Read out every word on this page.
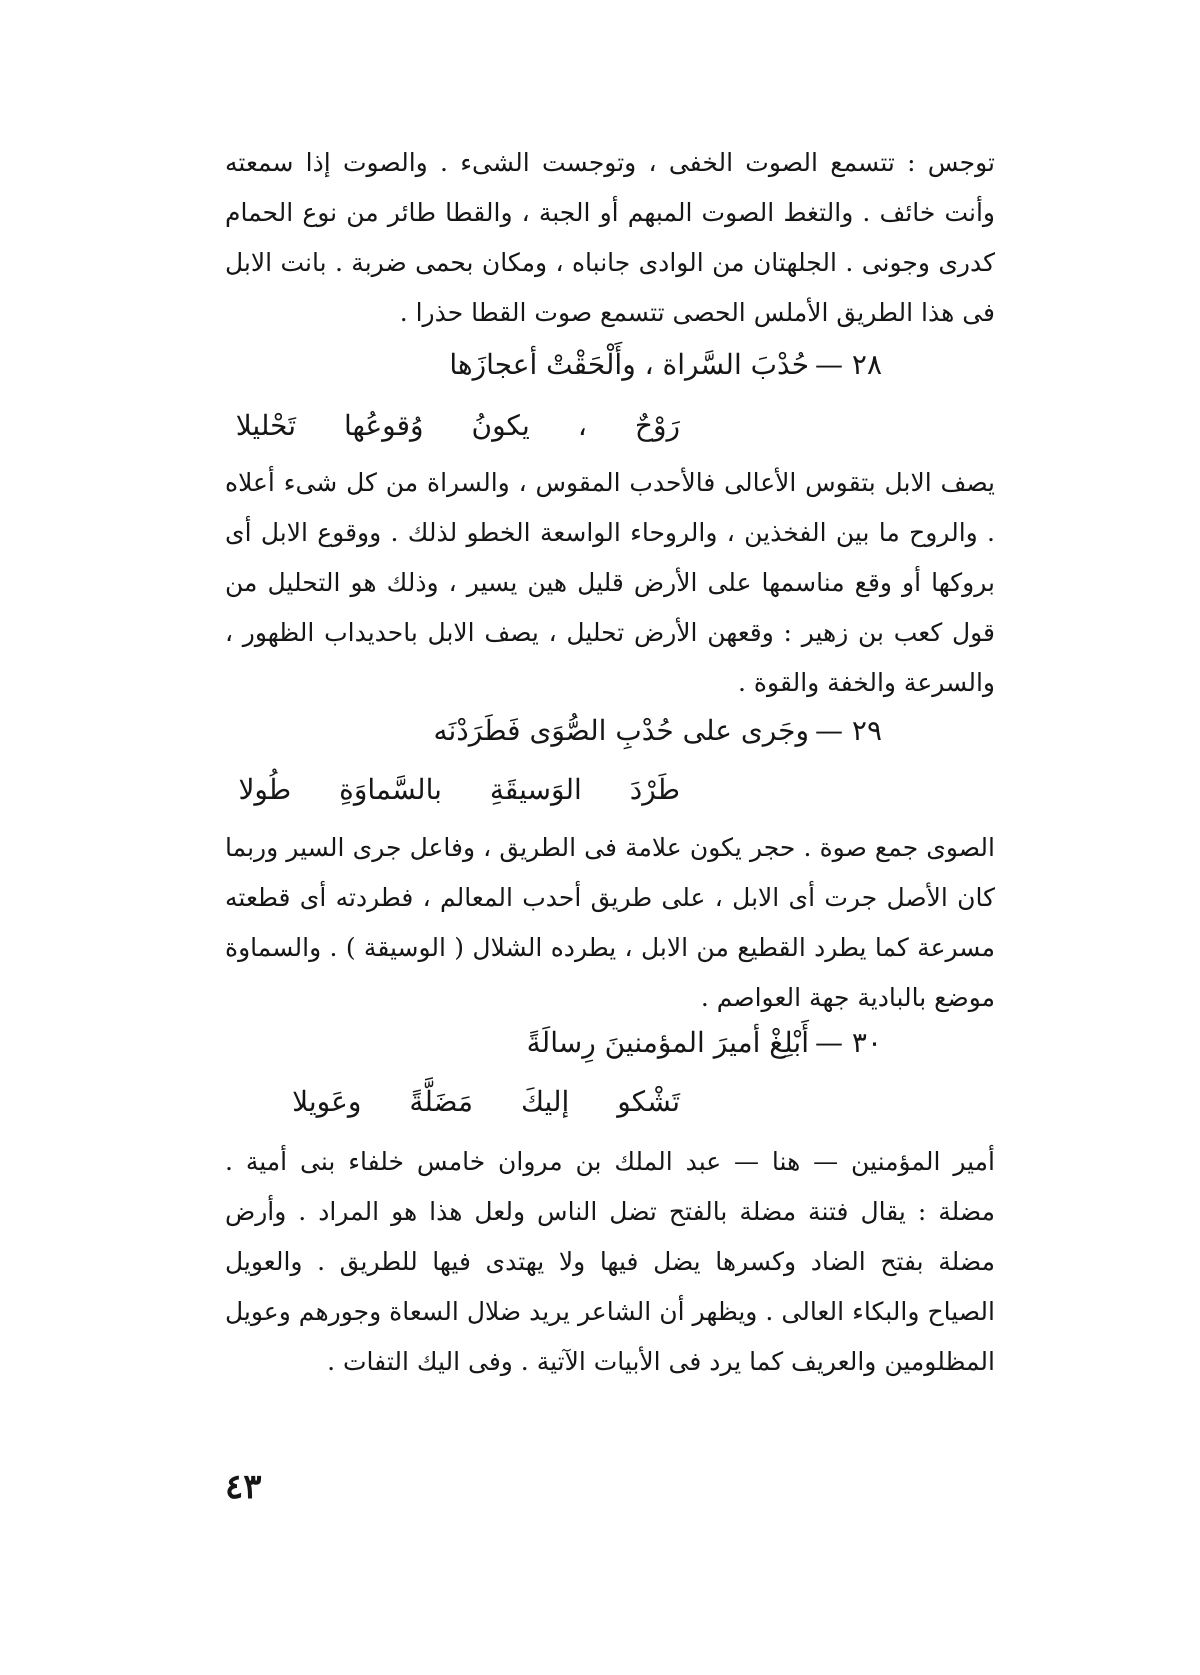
توجس : تتسمع الصوت الخفى ، وتوجست الشىء . والصوت إذا سمعته وأنت خائف . والتغط الصوت المبهم أو الجبة ، والقطا طائر من نوع الحمام كدرى وجونى . الجلهتان من الوادى جانباه ، ومكان بحمى ضربة . بانت الابل فى هذا الطريق الأملس الحصى تتسمع صوت القطا حذرا .
٢٨ —حُدْبَ السَّراة ، وأَلْحَقْتْ أعجازَها
رَوْحٌ،يكونُوُقوعُهاتَحْليلا
يصف الابل بتقوس الأعالى فالأحدب المقوس ، والسراة من كل شىء أعلاه . والروح ما بين الفخذين ، والروحاء الواسعة الخطو لذلك . ووقوع الابل أى بروكها أو وقع مناسمها على الأرض قليل هين يسير ، وذلك هو التحليل من قول كعب بن زهير : وقعهن الأرض تحليل ، يصف الابل باحديداب الظهور ، والسرعة والخفة والقوة .
٢٩ —وجَرى على حُدْبِ الصُّوَى فَطَرَدْنَه
طَرْدَالوَسيقَةِبالسَّماوَةِطُولا
الصوى جمع صوة . حجر يكون علامة فى الطريق ، وفاعل جرى السير وربما كان الأصل جرت أى الابل ، على طريق أحدب المعالم ، فطردته أى قطعته مسرعة كما يطرد القطيع من الابل ، يطرده الشلال ( الوسيقة ) . والسماوة موضع بالبادية جهة العواصم .
٣٠ —أَبْلِغْ أميرَ المؤمنينَ رِسالَةً
تَشْكوإليكَمَضَلَّةًوعَويلا
أمير المؤمنين — هنا — عبد الملك بن مروان خامس خلفاء بنى أمية . مضلة : يقال فتنة مضلة بالفتح تضل الناس ولعل هذا هو المراد . وأرض مضلة بفتح الضاد وكسرها يضل فيها ولا يهتدى فيها للطريق . والعويل الصياح والبكاء العالى . ويظهر أن الشاعر يريد ضلال السعاة وجورهم وعويل المظلومين والعريف كما يرد فى الأبيات الآتية . وفى اليك التفات .
٤٣
